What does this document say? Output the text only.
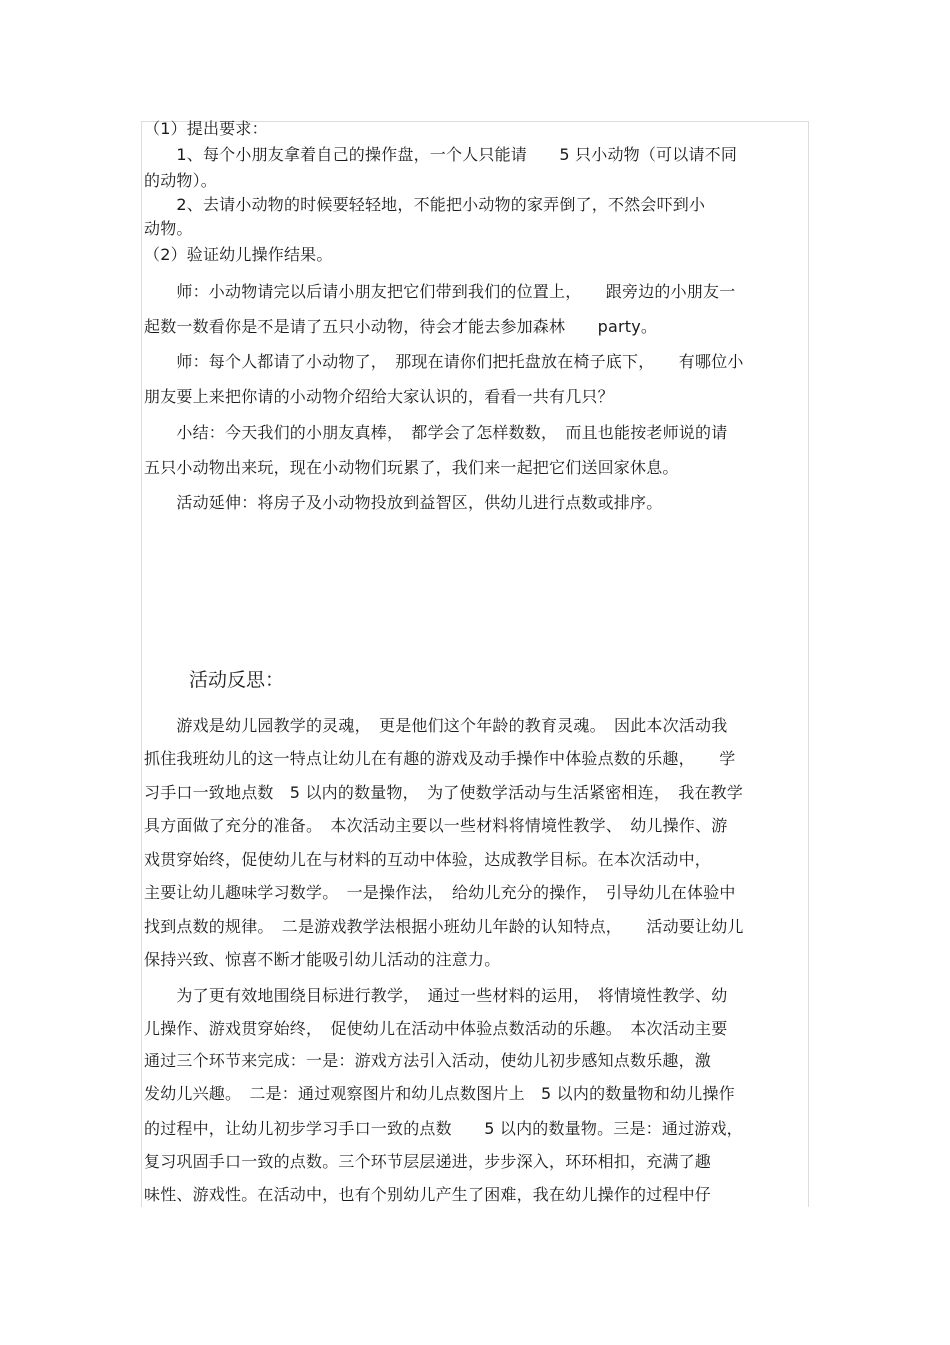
（1）提出要求：
　　1、每个小朋友拿着自己的操作盘，一个人只能请　　5 只小动物（可以请不同
的动物）。
　　2、去请小动物的时候要轻轻地，不能把小动物的家弄倒了，不然会吓到小
动物。
（2）验证幼儿操作结果。
　　师：小动物请完以后请小朋友把它们带到我们的位置上，　　跟旁边的小朋友一
起数一数看你是不是请了五只小动物，待会才能去参加森林　　party。
　　师：每个人都请了小动物了，　那现在请你们把托盘放在椅子底下，　　有哪位小
朋友要上来把你请的小动物介绍给大家认识的，看看一共有几只？
　　小结：今天我们的小朋友真棒，　都学会了怎样数数，　而且也能按老师说的请
五只小动物出来玩，现在小动物们玩累了，我们来一起把它们送回家休息。
　　活动延伸：将房子及小动物投放到益智区，供幼儿进行点数或排序。
活动反思：
　　游戏是幼儿园教学的灵魂，　更是他们这个年龄的教育灵魂。　因此本次活动我
抓住我班幼儿的这一特点让幼儿在有趣的游戏及动手操作中体验点数的乐趣，　　学
习手口一致地点数　5 以内的数量物，　为了使数学活动与生活紧密相连，　我在教学
具方面做了充分的准备。　本次活动主要以一些材料将情境性教学、　幼儿操作、游
戏贯穿始终，促使幼儿在与材料的互动中体验，达成教学目标。在本次活动中，
主要让幼儿趣味学习数学。　一是操作法，　给幼儿充分的操作，　引导幼儿在体验中
找到点数的规律。　二是游戏教学法根据小班幼儿年龄的认知特点，　　活动要让幼儿
保持兴致、惊喜不断才能吸引幼儿活动的注意力。
　　为了更有效地围绕目标进行教学，　通过一些材料的运用，　将情境性教学、幼
儿操作、游戏贯穿始终，　促使幼儿在活动中体验点数活动的乐趣。　本次活动主要
通过三个环节来完成：一是：游戏方法引入活动，使幼儿初步感知点数乐趣，激
发幼儿兴趣。　二是：通过观察图片和幼儿点数图片上　5 以内的数量物和幼儿操作
的过程中，让幼儿初步学习手口一致的点数　　5 以内的数量物。三是：通过游戏，
复习巩固手口一致的点数。三个环节层层递进，步步深入，环环相扣，充满了趣
味性、游戏性。在活动中，也有个别幼儿产生了困难，我在幼儿操作的过程中仔
